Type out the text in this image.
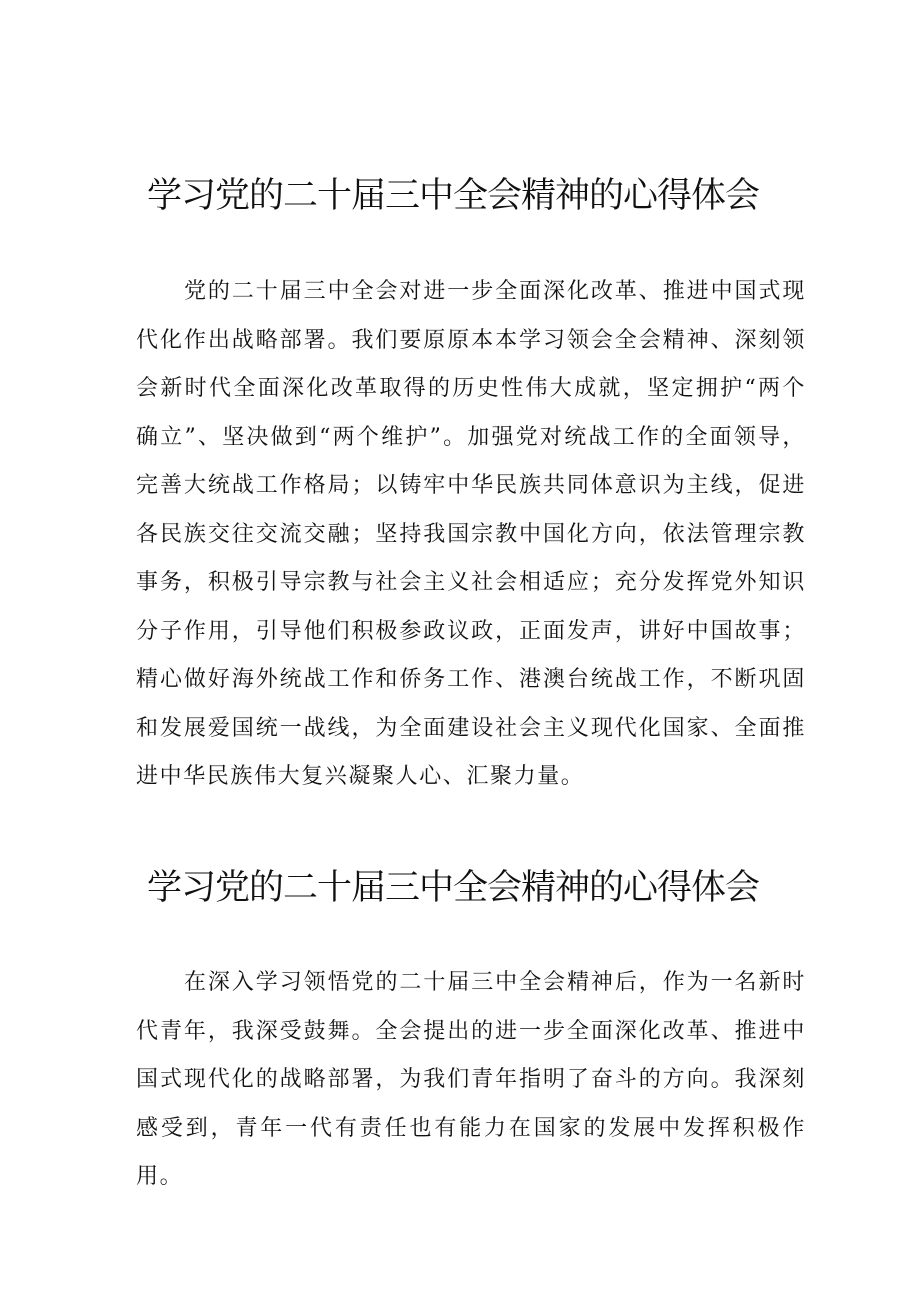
学习党的二十届三中全会精神的心得体会

党的二十届三中全会对进一步全面深化改革、推进中国式现代化作出战略部署。我们要原原本本学习领会全会精神、深刻领会新时代全面深化改革取得的历史性伟大成就，坚定拥护“两个确立”、坚决做到“两个维护”。加强党对统战工作的全面领导，完善大统战工作格局；以铸牢中华民族共同体意识为主线，促进各民族交往交流交融；坚持我国宗教中国化方向，依法管理宗教事务，积极引导宗教与社会主义社会相适应；充分发挥党外知识分子作用，引导他们积极参政议政，正面发声，讲好中国故事；精心做好海外统战工作和侨务工作、港澳台统战工作，不断巩固和发展爱国统一战线，为全面建设社会主义现代化国家、全面推进中华民族伟大复兴凝聚人心、汇聚力量。

学习党的二十届三中全会精神的心得体会

在深入学习领悟党的二十届三中全会精神后，作为一名新时代青年，我深受鼓舞。全会提出的进一步全面深化改革、推进中国式现代化的战略部署，为我们青年指明了奋斗的方向。我深刻感受到，青年一代有责任也有能力在国家的发展中发挥积极作用。
